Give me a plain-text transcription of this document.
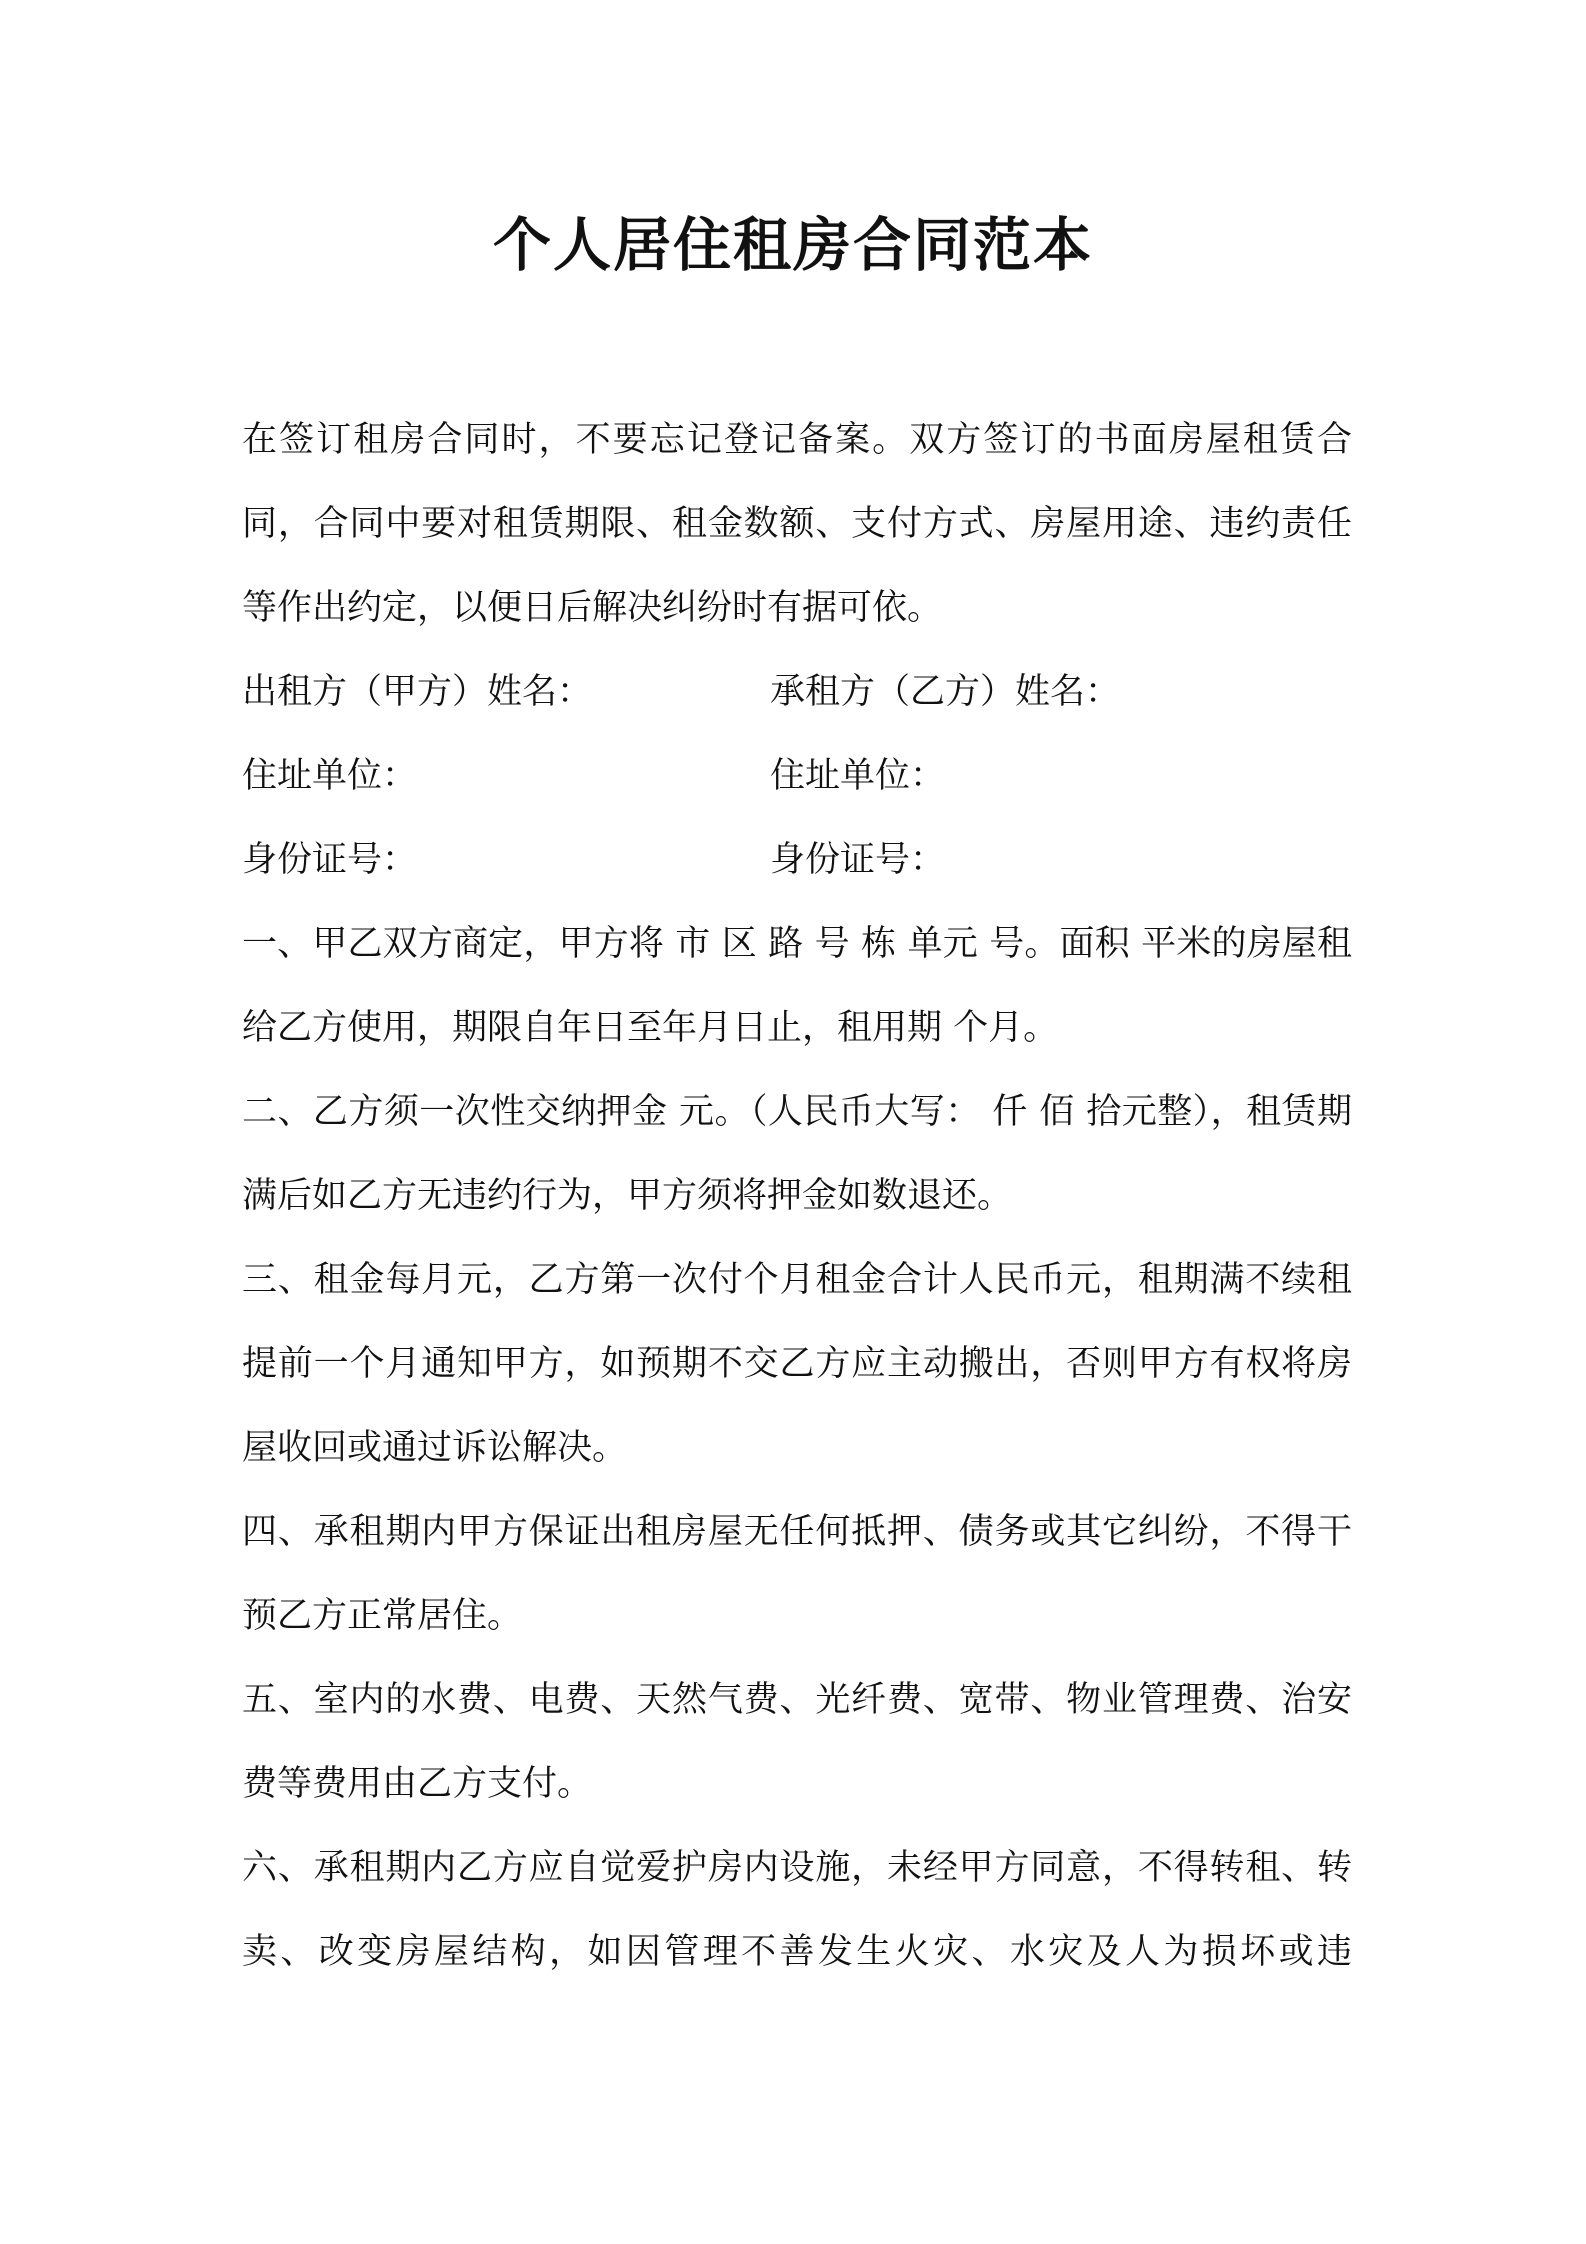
个人居住租房合同范本

在签订租房合同时，不要忘记登记备案。双方签订的书面房屋租赁合同，合同中要对租赁期限、租金数额、支付方式、房屋用途、违约责任等作出约定，以便日后解决纠纷时有据可依。

出租方（甲方）姓名：	承租方（乙方）姓名：
住址单位：	住址单位：
身份证号：	身份证号：

一、甲乙双方商定，甲方将 市 区 路 号 栋 单元 号。面积 平米的房屋租给乙方使用，期限自年日至年月日止，租用期 个月。

二、乙方须一次性交纳押金 元。（人民币大写： 仟 佰 拾元整），租赁期满后如乙方无违约行为，甲方须将押金如数退还。

三、租金每月元，乙方第一次付个月租金合计人民币元，租期满不续租提前一个月通知甲方，如预期不交乙方应主动搬出，否则甲方有权将房屋收回或通过诉讼解决。

四、承租期内甲方保证出租房屋无任何抵押、债务或其它纠纷，不得干预乙方正常居住。

五、室内的水费、电费、天然气费、光纤费、宽带、物业管理费、治安费等费用由乙方支付。

六、承租期内乙方应自觉爱护房内设施，未经甲方同意，不得转租、转卖、改变房屋结构，如因管理不善发生火灾、水灾及人为损坏或违
